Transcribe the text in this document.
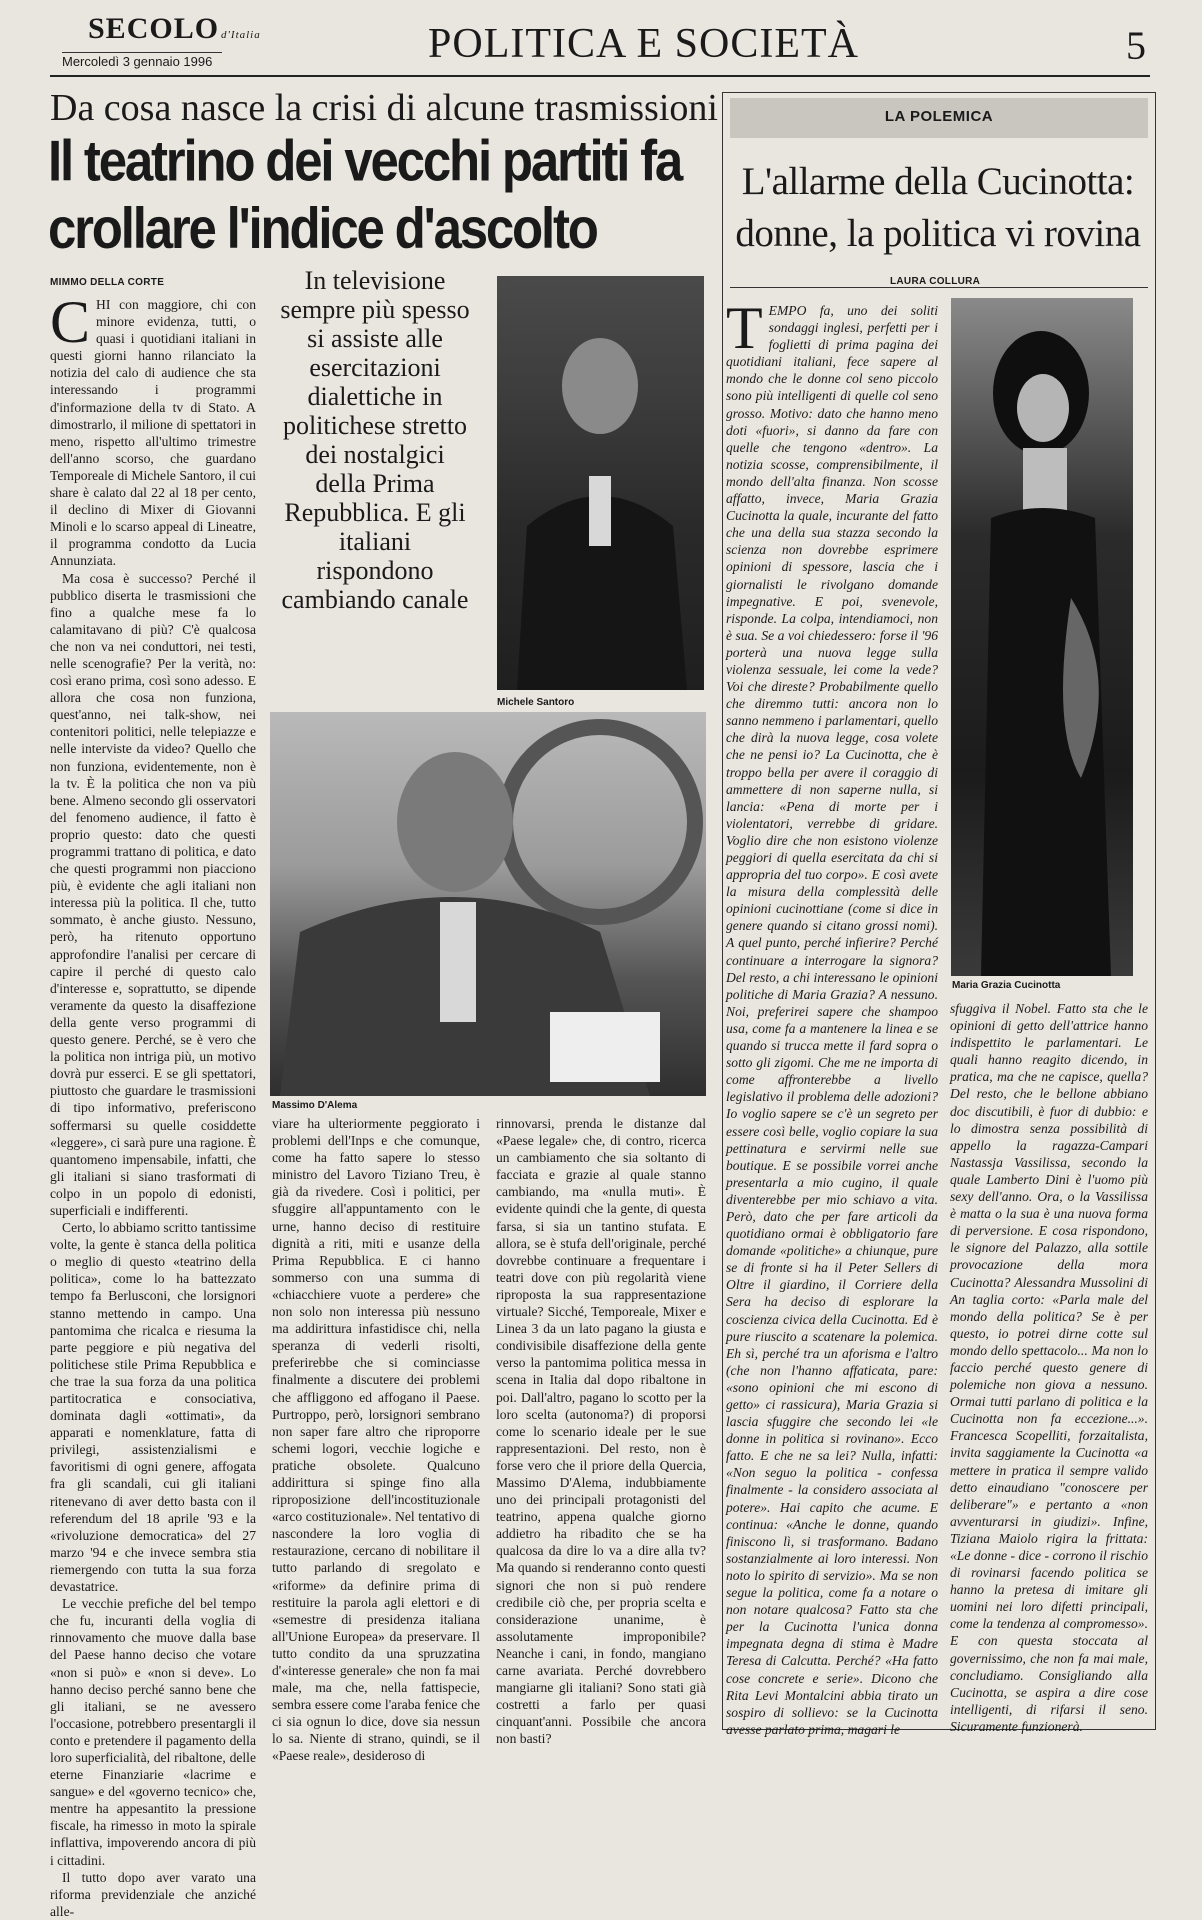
SECOLO d'Italia
Mercoledì 3 gennaio 1996	POLITICA E SOCIETÀ	5
Da cosa nasce la crisi di alcune trasmissioni
Il teatrino dei vecchi partiti fa crollare l'indice d'ascolto
MIMMO DELLA CORTE

CHI con maggiore, chi con minore evidenza, tutti, o quasi i quotidiani italiani in questi giorni hanno rilanciato la notizia del calo di audience che sta interessando i programmi d'informazione della tv di Stato. A dimostrarlo, il milione di spettatori in meno, rispetto all'ultimo trimestre dell'anno scorso, che guardano Temporeale di Michele Santoro, il cui share è calato dal 22 al 18 per cento, il declino di Mixer di Giovanni Minoli e lo scarso appeal di Lineatre, il programma condotto da Lucia Annunziata.

Ma cosa è successo? Perché il pubblico diserta le trasmissioni che fino a qualche mese fa lo calamitavano di più? C'è qualcosa che non va nei conduttori, nei testi, nelle scenografie? Per la verità, no: così erano prima, così sono adesso. E allora che cosa non funziona, quest'anno, nei talk-show, nei contenitori politici, nelle telepiazze e nelle interviste da video? Quello che non funziona, evidentemente, non è la tv. È la politica che non va più bene. Almeno secondo gli osservatori del fenomeno audience, il fatto è proprio questo: dato che questi programmi trattano di politica, e dato che questi programmi non piacciono più, è evidente che agli italiani non interessa più la politica. Il che, tutto sommato, è anche giusto. Nessuno, però, ha ritenuto opportuno approfondire l'analisi per cercare di capire il perché di questo calo d'interesse e, soprattutto, se dipende veramente da questo la disaffezione della gente verso programmi di questo genere. Perché, se è vero che la politica non intriga più, un motivo dovrà pur esserci. E se gli spettatori, piuttosto che guardare le trasmissioni di tipo informativo, preferiscono soffermarsi su quelle cosiddette «leggere», ci sarà pure una ragione. È quantomeno impensabile, infatti, che gli italiani si siano trasformati di colpo in un popolo di edonisti, superficiali e indifferenti.

Certo, lo abbiamo scritto tantissime volte, la gente è stanca della politica o meglio di questo «teatrino della politica», come lo ha battezzato tempo fa Berlusconi, che lorsignori stanno mettendo in campo. Una pantomima che ricalca e riesuma la parte peggiore e più negativa del politichese stile Prima Repubblica e che trae la sua forza da una politica partitocratica e consociativa, dominata dagli «ottimati», da apparati e nomenklature, fatta di privilegi, assistenzialismi e favoritismi di ogni genere, affogata fra gli scandali, cui gli italiani ritenevano di aver detto basta con il referendum del 18 aprile '93 e la «rivoluzione democratica» del 27 marzo '94 e che invece sembra stia riemergendo con tutta la sua forza devastatrice.

Le vecchie prefiche del bel tempo che fu, incuranti della voglia di rinnovamento che muove dalla base del Paese hanno deciso che votare «non si può» e «non si deve». Lo hanno deciso perché sanno bene che gli italiani, se ne avessero l'occasione, potrebbero presentargli il conto e pretendere il pagamento della loro superficialità, del ribaltone, delle eterne Finanziarie «lacrime e sangue» e del «governo tecnico» che, mentre ha appesantito la pressione fiscale, ha rimesso in moto la spirale inflattiva, impoverendo ancora di più i cittadini.

Il tutto dopo aver varato una riforma previdenziale che anziché alle-

In televisione sempre più spesso si assiste alle esercitazioni dialettiche in politichese stretto dei nostalgici della Prima Repubblica. E gli italiani rispondono cambiando canale
Michele Santoro
Massimo D'Alema

viare ha ulteriormente peggiorato i problemi dell'Inps e che comunque, come ha fatto sapere lo stesso ministro del Lavoro Tiziano Treu, è già da rivedere. Così i politici, per sfuggire all'appuntamento con le urne, hanno deciso di restituire dignità a riti, miti e usanze della Prima Repubblica. E ci hanno sommerso con una summa di «chiacchiere vuote a perdere» che non solo non interessa più nessuno ma addirittura infastidisce chi, nella speranza di vederli risolti, preferirebbe che si cominciasse finalmente a discutere dei problemi che affliggono ed affogano il Paese. Purtroppo, però, lorsignori sembrano non saper fare altro che riproporre schemi logori, vecchie logiche e pratiche obsolete. Qualcuno addirittura si spinge fino alla riproposizione dell'incostituzionale «arco costituzionale». Nel tentativo di nascondere la loro voglia di restaurazione, cercano di nobilitare il tutto parlando di sregolato e «riforme» da definire prima di restituire la parola agli elettori e di «semestre di presidenza italiana all'Unione Europea» da preservare. Il tutto condito da una spruzzatina d'«interesse generale» che non fa mai male, ma che, nella fattispecie, sembra essere come l'araba fenice che ci sia ognun lo dice, dove sia nessun lo sa. Niente di strano, quindi, se il «Paese reale», desideroso di

rinnovarsi, prenda le distanze dal «Paese legale» che, di contro, ricerca un cambiamento che sia soltanto di facciata e grazie al quale stanno cambiando, ma «nulla muti». È evidente quindi che la gente, di questa farsa, si sia un tantino stufata. E allora, se è stufa dell'originale, perché dovrebbe continuare a frequentare i teatri dove con più regolarità viene riproposta la sua rappresentazione virtuale? Sicché, Temporeale, Mixer e Linea 3 da un lato pagano la giusta e condivisibile disaffezione della gente verso la pantomima politica messa in scena in Italia dal dopo ribaltone in poi. Dall'altro, pagano lo scotto per la loro scelta (autonoma?) di proporsi come lo scenario ideale per le sue rappresentazioni. Del resto, non è forse vero che il priore della Quercia, Massimo D'Alema, indubbiamente uno dei principali protagonisti del teatrino, appena qualche giorno addietro ha ribadito che se ha qualcosa da dire lo va a dire alla tv? Ma quando si renderanno conto questi signori che non si può rendere credibile ciò che, per propria scelta e considerazione unanime, è assolutamente improponibile? Neanche i cani, in fondo, mangiano carne avariata. Perché dovrebbero mangiarne gli italiani? Sono stati già costretti a farlo per quasi cinquant'anni. Possibile che ancora non basti?

LA POLEMICA
L'allarme della Cucinotta: donne, la politica vi rovina
LAURA COLLURA

TEMPO fa, uno dei soliti sondaggi inglesi, perfetti per i foglietti di prima pagina dei quotidiani italiani, fece sapere al mondo che le donne col seno piccolo sono più intelligenti di quelle col seno grosso. Motivo: dato che hanno meno doti «fuori», si danno da fare con quelle che tengono «dentro». La notizia scosse, comprensibilmente, il mondo dell'alta finanza. Non scosse affatto, invece, Maria Grazia Cucinotta la quale, incurante del fatto che una della sua stazza secondo la scienza non dovrebbe esprimere opinioni di spessore, lascia che i giornalisti le rivolgano domande impegnative. E poi, svenevole, risponde. La colpa, intendiamoci, non è sua. Se a voi chiedessero: forse il '96 porterà una nuova legge sulla violenza sessuale, lei come la vede? Voi che direste? Probabilmente quello che diremmo tutti: ancora non lo sanno nemmeno i parlamentari, quello che dirà la nuova legge, cosa volete che ne pensi io? La Cucinotta, che è troppo bella per avere il coraggio di ammettere di non saperne nulla, si lancia: «Pena di morte per i violentatori, verrebbe di gridare. Voglio dire che non esistono violenze peggiori di quella esercitata da chi si appropria del tuo corpo». E così avete la misura della complessità delle opinioni cucinottiane (come si dice in genere quando si citano grossi nomi). A quel punto, perché infierire? Perché continuare a interrogare la signora? Del resto, a chi interessano le opinioni politiche di Maria Grazia? A nessuno. Noi, preferirei sapere che shampoo usa, come fa a mantenere la linea e se quando si trucca mette il fard sopra o sotto gli zigomi. Che me ne importa di come affronterebbe a livello legislativo il problema delle adozioni? Io voglio sapere se c'è un segreto per essere così belle, voglio copiare la sua pettinatura e servirmi nelle sue boutique. E se possibile vorrei anche presentarla a mio cugino, il quale diventerebbe per mio schiavo a vita. Però, dato che per fare articoli da quotidiano ormai è obbligatorio fare domande «politiche» a chiunque, pure se di fronte si ha il Peter Sellers di Oltre il giardino, il Corriere della Sera ha deciso di esplorare la coscienza civica della Cucinotta. Ed è pure riuscito a scatenare la polemica. Eh sì, perché tra un aforisma e l'altro (che non l'hanno affaticata, pare: «sono opinioni che mi escono di getto» ci rassicura), Maria Grazia si lascia sfuggire che secondo lei «le donne in politica si rovinano». Ecco fatto. E che ne sa lei? Nulla, infatti: «Non seguo la politica - confessa finalmente - la considero associata al potere». Hai capito che acume. E continua: «Anche le donne, quando finiscono lì, si trasformano. Badano sostanzialmente ai loro interessi. Non noto lo spirito di servizio». Ma se non segue la politica, come fa a notare o non notare qualcosa? Fatto sta che per la Cucinotta l'unica donna impegnata degna di stima è Madre Teresa di Calcutta. Perché? «Ha fatto cose concrete e serie». Dicono che Rita Levi Montalcini abbia tirato un sospiro di sollievo: se la Cucinotta avesse parlato prima, magari le

Maria Grazia Cucinotta

sfuggiva il Nobel. Fatto sta che le opinioni di getto dell'attrice hanno indispettito le parlamentari. Le quali hanno reagito dicendo, in pratica, ma che ne capisce, quella? Del resto, che le bellone abbiano doc discutibili, è fuor di dubbio: e lo dimostra senza possibilità di appello la ragazza-Campari Nastassja Vassilissa, secondo la quale Lamberto Dini è l'uomo più sexy dell'anno. Ora, o la Vassilissa è matta o la sua è una nuova forma di perversione. E cosa rispondono, le signore del Palazzo, alla sottile provocazione della mora Cucinotta? Alessandra Mussolini di An taglia corto: «Parla male del mondo della politica? Se è per questo, io potrei dirne cotte sul mondo dello spettacolo... Ma non lo faccio perché questo genere di polemiche non giova a nessuno. Ormai tutti parlano di politica e la Cucinotta non fa eccezione...». Francesca Scopelliti, forzaitalista, invita saggiamente la Cucinotta «a mettere in pratica il sempre valido detto einaudiano "conoscere per deliberare"» e pertanto a «non avventurarsi in giudizi». Infine, Tiziana Maiolo rigira la frittata: «Le donne - dice - corrono il rischio di rovinarsi facendo politica se hanno la pretesa di imitare gli uomini nei loro difetti principali, come la tendenza al compromesso». E con questa stoccata al governissimo, che non fa mai male, concludiamo. Consigliando alla Cucinotta, se aspira a dire cose intelligenti, di rifarsi il seno. Sicuramente funzionerà.
